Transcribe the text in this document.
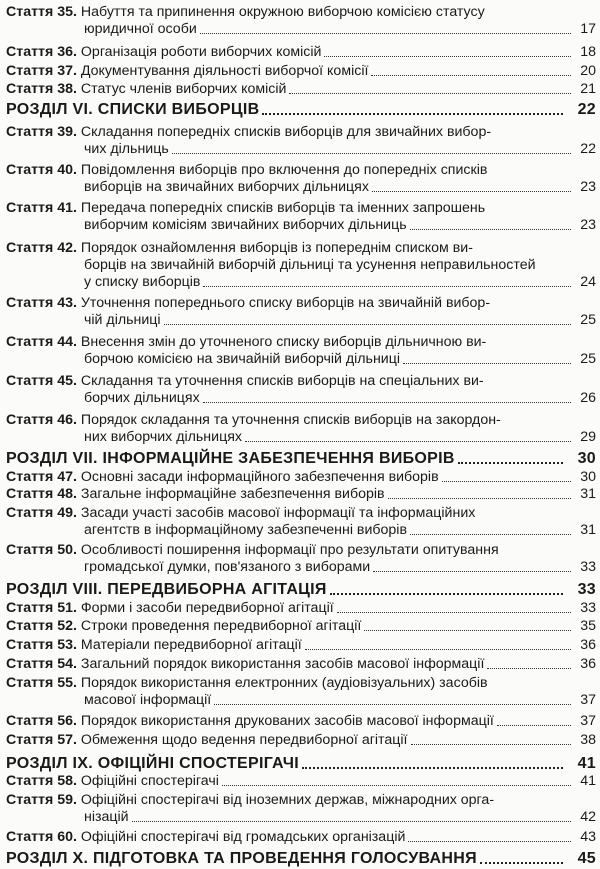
Стаття 35. Набуття та припинення окружною виборчою комісією статусу
юридичної особи	17
Стаття 36. Організація роботи виборчих комісій	18
Стаття 37. Документування діяльності виборчої комісії	20
Стаття 38. Статус членів виборчих комісій	21
РОЗДІЛ VI. СПИСКИ ВИБОРЦІВ	22
Стаття 39. Складання попередніх списків виборців для звичайних вибор-
чих дільниць	22
Стаття 40. Повідомлення виборців про включення до попередніх списків
виборців на звичайних виборчих дільницях	23
Стаття 41. Передача попередніх списків виборців та іменних запрошень
виборчим комісіям звичайних виборчих дільниць	23
Стаття 42. Порядок ознайомлення виборців із попереднім списком ви-
борців на звичайній виборчій дільниці та усунення неправильностей
у списку виборців	24
Стаття 43. Уточнення попереднього списку виборців на звичайній вибор-
чій дільниці	25
Стаття 44. Внесення змін до уточненого списку виборців дільничною ви-
борчою комісією на звичайній виборчій дільниці	25
Стаття 45. Складання та уточнення списків виборців на спеціальних ви-
борчих дільницях	26
Стаття 46. Порядок складання та уточнення списків виборців на закордон-
них виборчих дільницях	29
РОЗДІЛ VII. ІНФОРМАЦІЙНЕ ЗАБЕЗПЕЧЕННЯ ВИБОРІВ	30
Стаття 47. Основні засади інформаційного забезпечення виборів	30
Стаття 48. Загальне інформаційне забезпечення виборів	31
Стаття 49. Засади участі засобів масової інформації та інформаційних
агентств в інформаційному забезпеченні виборів	31
Стаття 50. Особливості поширення інформації про результати опитування
громадської думки, пов'язаного з виборами	33
РОЗДІЛ VIII. ПЕРЕДВИБОРНА АГІТАЦІЯ	33
Стаття 51. Форми і засоби передвиборної агітації	33
Стаття 52. Строки проведення передвиборної агітації	35
Стаття 53. Матеріали передвиборної агітації	36
Стаття 54. Загальний порядок використання засобів масової інформації	36
Стаття 55. Порядок використання електронних (аудіовізуальних) засобів
масової інформації	37
Стаття 56. Порядок використання друкованих засобів масової інформації	37
Стаття 57. Обмеження щодо ведення передвиборної агітації	38
РОЗДІЛ IX. ОФІЦІЙНІ СПОСТЕРІГАЧІ	41
Стаття 58. Офіційні спостерігачі	41
Стаття 59. Офіційні спостерігачі від іноземних держав, міжнародних орга-
нізацій	42
Стаття 60. Офіційні спостерігачі від громадських організацій	43
РОЗДІЛ X. ПІДГОТОВКА ТА ПРОВЕДЕННЯ ГОЛОСУВАННЯ	45
